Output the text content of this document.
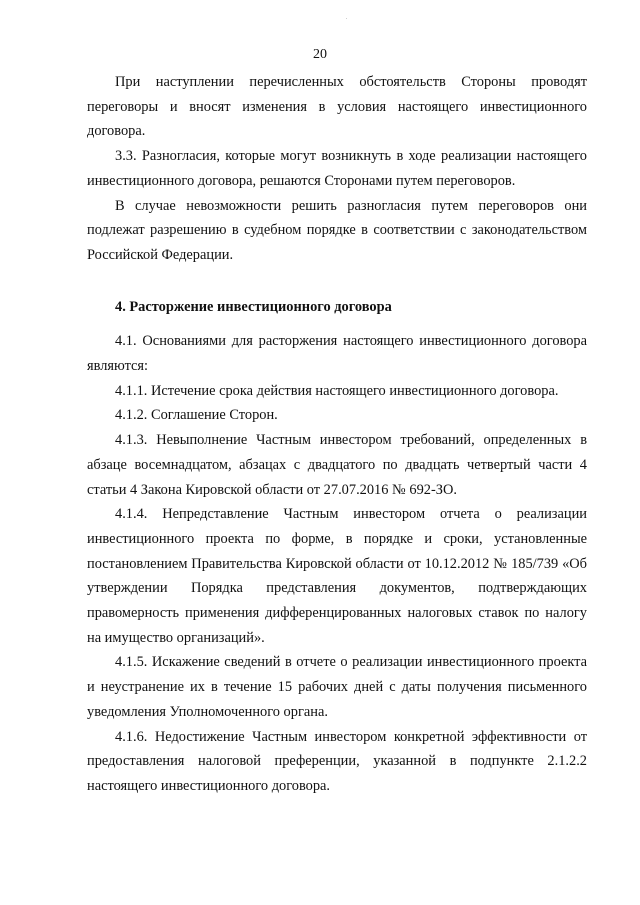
20

При наступлении перечисленных обстоятельств Стороны проводят переговоры и вносят изменения в условия настоящего инвестиционного договора.

3.3. Разногласия, которые могут возникнуть в ходе реализации настоящего инвестиционного договора, решаются Сторонами путем переговоров.

В случае невозможности решить разногласия путем переговоров они подлежат разрешению в судебном порядке в соответствии с законодательством Российской Федерации.

4. Расторжение инвестиционного договора

4.1. Основаниями для расторжения настоящего инвестиционного договора являются:

4.1.1. Истечение срока действия настоящего инвестиционного договора.

4.1.2. Соглашение Сторон.

4.1.3. Невыполнение Частным инвестором требований, определенных в абзаце восемнадцатом, абзацах с двадцатого по двадцать четвертый части 4 статьи 4 Закона Кировской области от 27.07.2016 № 692-ЗО.

4.1.4. Непредставление Частным инвестором отчета о реализации инвестиционного проекта по форме, в порядке и сроки, установленные постановлением Правительства Кировской области от 10.12.2012 № 185/739 «Об утверждении Порядка представления документов, подтверждающих правомерность применения дифференцированных налоговых ставок по налогу на имущество организаций».

4.1.5. Искажение сведений в отчете о реализации инвестиционного проекта и неустранение их в течение 15 рабочих дней с даты получения письменного уведомления Уполномоченного органа.

4.1.6. Недостижение Частным инвестором конкретной эффективности от предоставления налоговой преференции, указанной в подпункте 2.1.2.2 настоящего инвестиционного договора.
